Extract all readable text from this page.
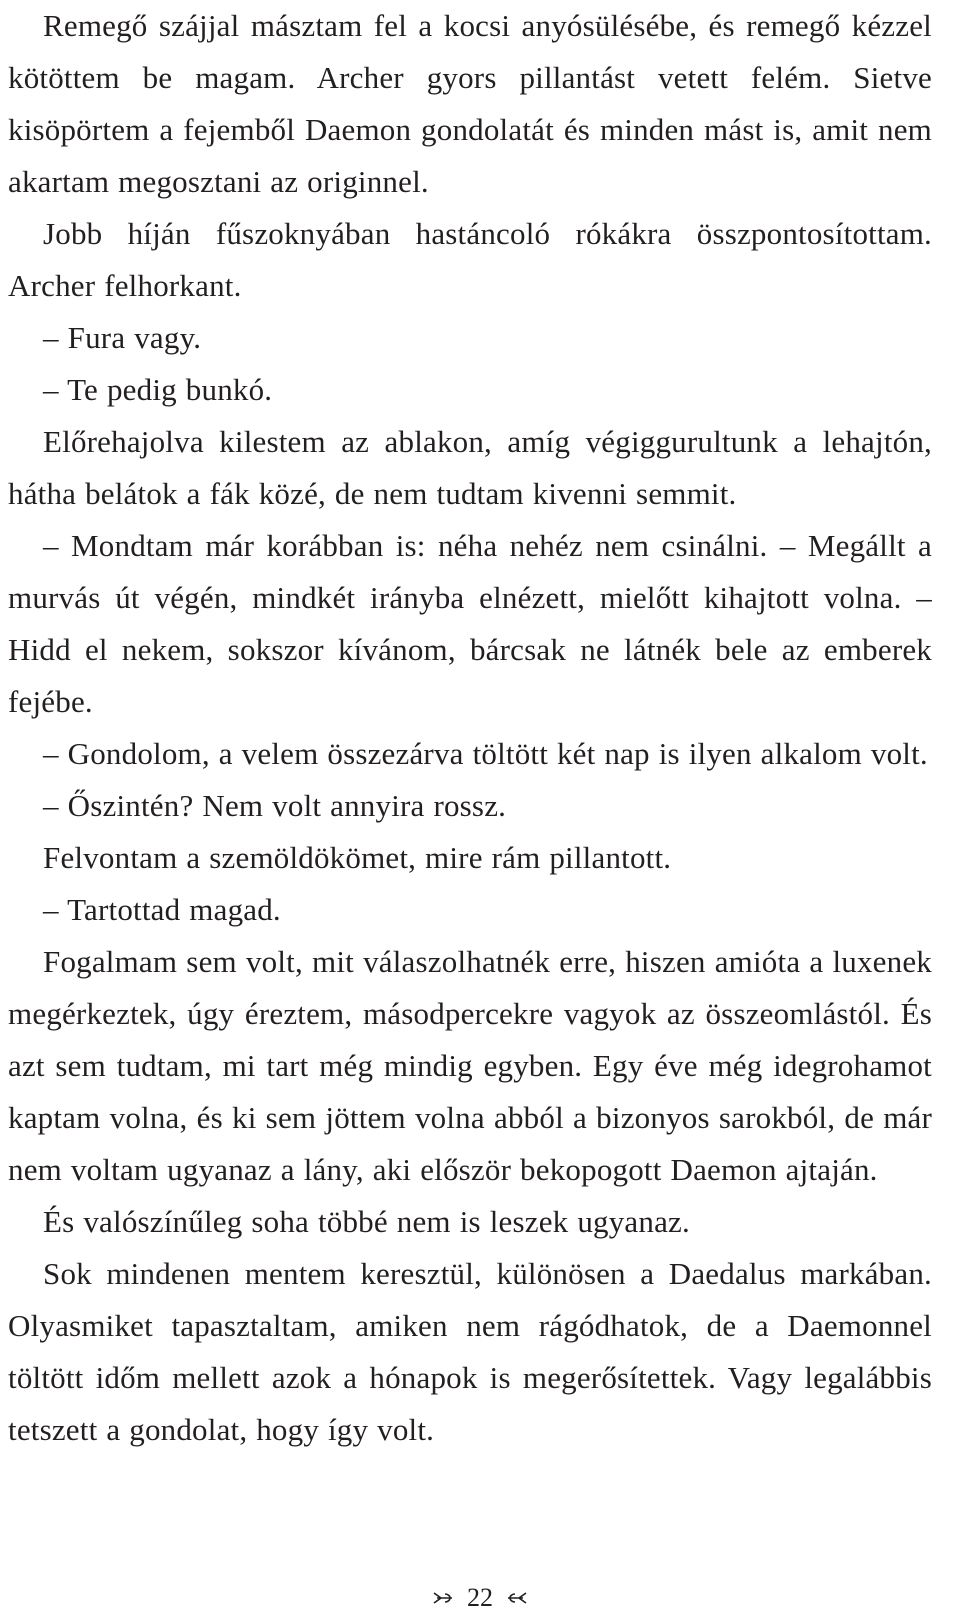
Remegő szájjal másztam fel a kocsi anyósülésébe, és remegő kézzel kötöttem be magam. Archer gyors pillantást vetett felém. Sietve kisöpörtem a fejemből Daemon gondolatát és minden mást is, amit nem akartam megosztani az originnel.

Jobb híján fűszoknyában hastáncoló rókákra összpontosítottam. Archer felhorkant.

– Fura vagy.

– Te pedig bunkó.

Előrehajolva kilestem az ablakon, amíg végiggurultunk a lehajtón, hátha belátok a fák közé, de nem tudtam kivenni semmit.

– Mondtam már korábban is: néha nehéz nem csinálni. – Megállt a murvás út végén, mindkét irányba elnézett, mielőtt kihajtott volna. – Hidd el nekem, sokszor kívánom, bárcsak ne látnék bele az emberek fejébe.

– Gondolom, a velem összezárva töltött két nap is ilyen alkalom volt.

– Őszintén? Nem volt annyira rossz.

Felvontam a szemöldökömet, mire rám pillantott.

– Tartottad magad.

Fogalmam sem volt, mit válaszolhatnék erre, hiszen amióta a luxenek megérkeztek, úgy éreztem, másodpercekre vagyok az összeomlástól. És azt sem tudtam, mi tart még mindig egyben. Egy éve még idegrohamot kaptam volna, és ki sem jöttem volna abból a bizonyos sarokból, de már nem voltam ugyanaz a lány, aki először bekopogott Daemon ajtaján.

És valószínűleg soha többé nem is leszek ugyanaz.

Sok mindenen mentem keresztül, különösen a Daedalus markában. Olyasmiket tapasztaltam, amiken nem rágódhatok, de a Daemonnel töltött időm mellett azok a hónapok is megerősítettek. Vagy legalábbis tetszett a gondolat, hogy így volt.

22
